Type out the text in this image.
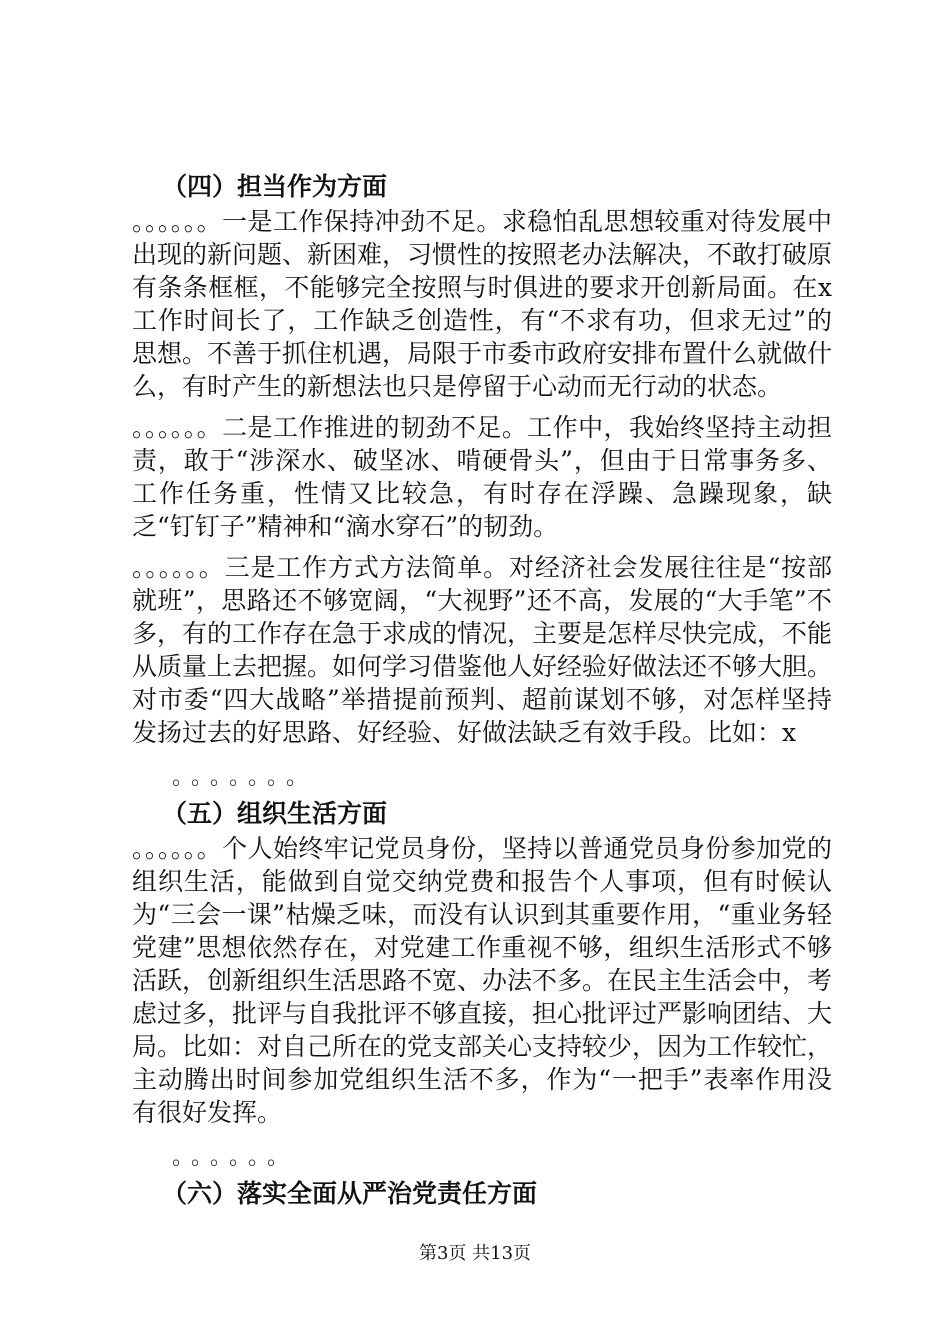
（四）担当作为方面

。。。。。。一是工作保持冲劲不足。求稳怕乱思想较重对待发展中出现的新问题、新困难，习惯性的按照老办法解决，不敢打破原有条条框框，不能够完全按照与时俱进的要求开创新局面。在x工作时间长了，工作缺乏创造性，有“不求有功，但求无过”的思想。不善于抓住机遇，局限于市委市政府安排布置什么就做什么，有时产生的新想法也只是停留于心动而无行动的状态。

。。。。。。二是工作推进的韧劲不足。工作中，我始终坚持主动担责，敢于“涉深水、破坚冰、啃硬骨头”，但由于日常事务多、工作任务重，性情又比较急，有时存在浮躁、急躁现象，缺乏“钉钉子”精神和“滴水穿石”的韧劲。

。。。。。。三是工作方式方法简单。对经济社会发展往往是“按部就班”，思路还不够宽阔，“大视野”还不高，发展的“大手笔”不多，有的工作存在急于求成的情况，主要是怎样尽快完成，不能从质量上去把握。如何学习借鉴他人好经验好做法还不够大胆。对市委“四大战略”举措提前预判、超前谋划不够，对怎样坚持发扬过去的好思路、好经验、好做法缺乏有效手段。比如：x

。。。。。。。
（五）组织生活方面

。。。。。。个人始终牢记党员身份，坚持以普通党员身份参加党的组织生活，能做到自觉交纳党费和报告个人事项，但有时候认为“三会一课”枯燥乏味，而没有认识到其重要作用，“重业务轻党建”思想依然存在，对党建工作重视不够，组织生活形式不够活跃，创新组织生活思路不宽、办法不多。在民主生活会中，考虑过多，批评与自我批评不够直接，担心批评过严影响团结、大局。比如：对自己所在的党支部关心支持较少，因为工作较忙，主动腾出时间参加党组织生活不多，作为“一把手”表率作用没有很好发挥。

。。。。。。
（六）落实全面从严治党责任方面
第3页 共13页
